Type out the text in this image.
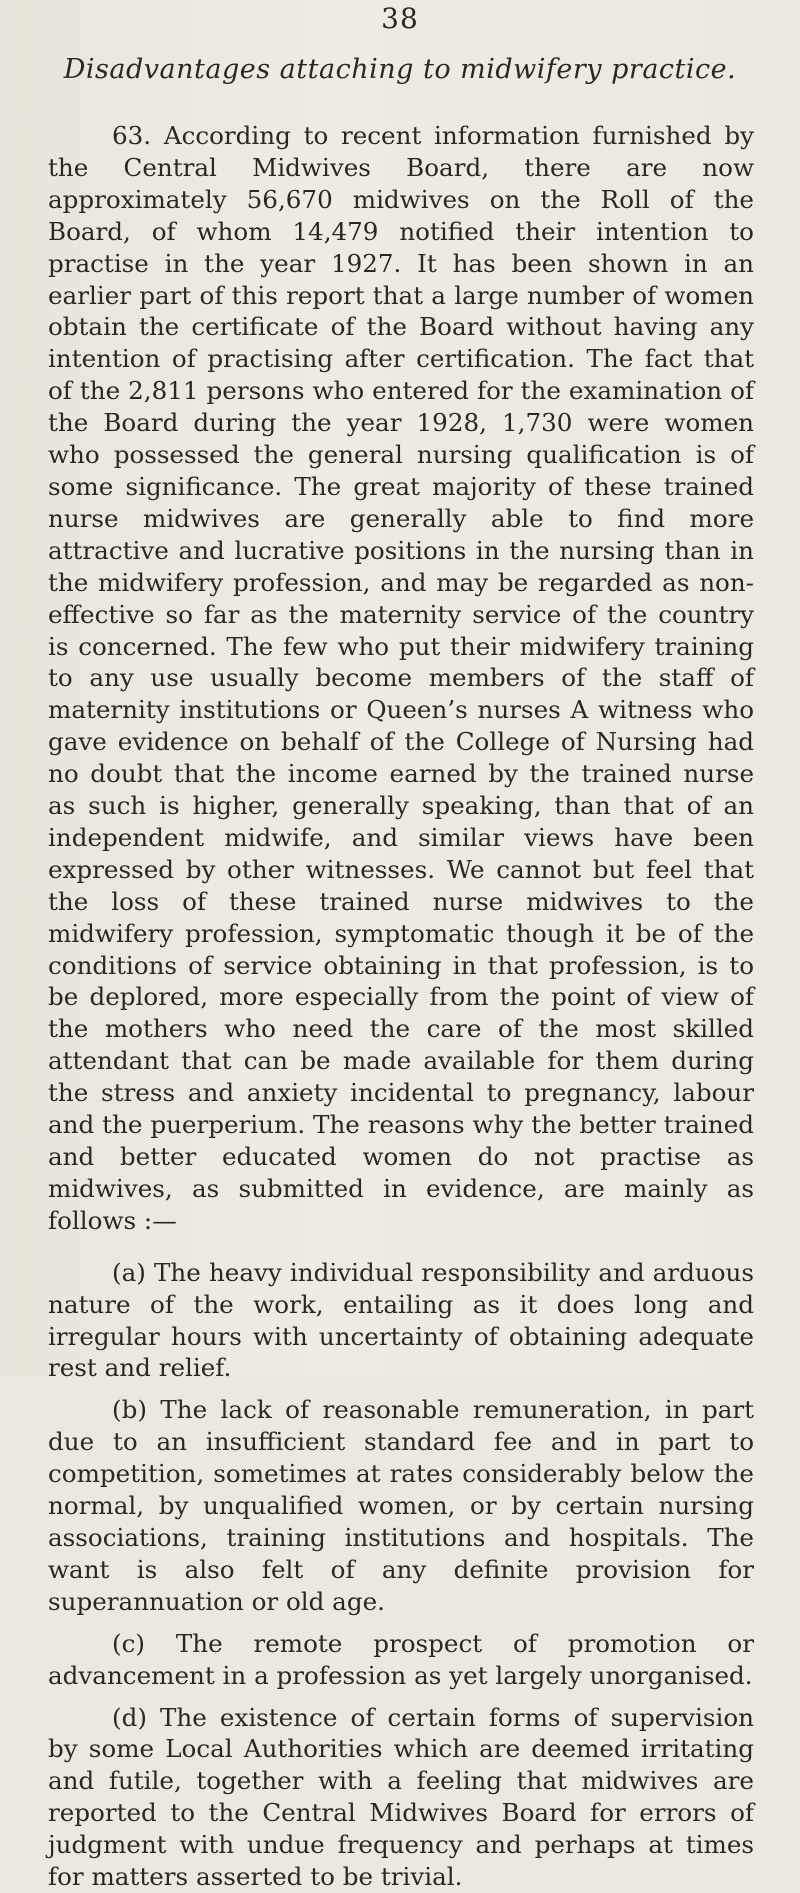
38
Disadvantages attaching to midwifery practice.

63. According to recent information furnished by the Central Midwives Board, there are now approximately 56,670 midwives on the Roll of the Board, of whom 14,479 notified their intention to practise in the year 1927. It has been shown in an earlier part of this report that a large number of women obtain the certificate of the Board without having any intention of practising after certification. The fact that of the 2,811 persons who entered for the examination of the Board during the year 1928, 1,730 were women who possessed the general nursing qualification is of some significance. The great majority of these trained nurse midwives are generally able to find more attractive and lucrative positions in the nursing than in the midwifery profession, and may be regarded as non-effective so far as the maternity service of the country is concerned. The few who put their midwifery training to any use usually become members of the staff of maternity institutions or Queen’s nurses A witness who gave evidence on behalf of the College of Nursing had no doubt that the income earned by the trained nurse as such is higher, generally speaking, than that of an independent midwife, and similar views have been expressed by other witnesses. We cannot but feel that the loss of these trained nurse midwives to the midwifery profession, symptomatic though it be of the conditions of service obtaining in that profession, is to be deplored, more especially from the point of view of the mothers who need the care of the most skilled attendant that can be made available for them during the stress and anxiety incidental to pregnancy, labour and the puerperium. The reasons why the better trained and better educated women do not practise as midwives, as submitted in evidence, are mainly as follows :—

(a) The heavy individual responsibility and arduous nature of the work, entailing as it does long and irregular hours with uncertainty of obtaining adequate rest and relief.

(b) The lack of reasonable remuneration, in part due to an insufficient standard fee and in part to competition, sometimes at rates considerably below the normal, by unqualified women, or by certain nursing associations, training institutions and hospitals. The want is also felt of any definite provision for superannuation or old age.

(c) The remote prospect of promotion or advancement in a profession as yet largely unorganised.

(d) The existence of certain forms of supervision by some Local Authorities which are deemed irritating and futile, together with a feeling that midwives are reported to the Central Midwives Board for errors of judgment with undue frequency and perhaps at times for matters asserted to be trivial.
